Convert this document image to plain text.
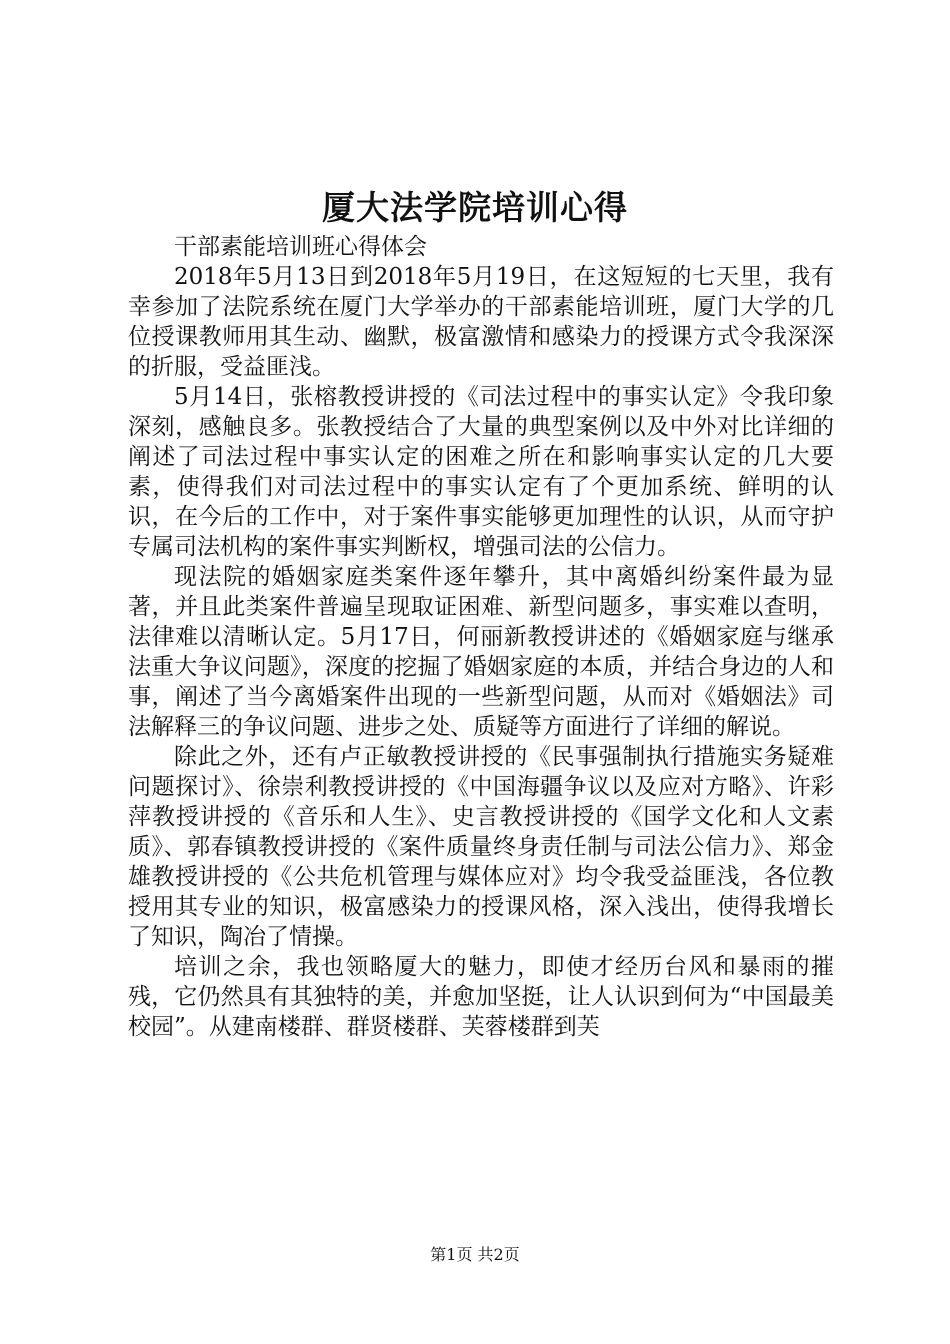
厦大法学院培训心得

干部素能培训班心得体会

2018年5月13日到2018年5月19日，在这短短的七天里，我有幸参加了法院系统在厦门大学举办的干部素能培训班，厦门大学的几位授课教师用其生动、幽默，极富激情和感染力的授课方式令我深深的折服，受益匪浅。

5月14日，张榕教授讲授的《司法过程中的事实认定》令我印象深刻，感触良多。张教授结合了大量的典型案例以及中外对比详细的阐述了司法过程中事实认定的困难之所在和影响事实认定的几大要素，使得我们对司法过程中的事实认定有了个更加系统、鲜明的认识，在今后的工作中，对于案件事实能够更加理性的认识，从而守护专属司法机构的案件事实判断权，增强司法的公信力。

现法院的婚姻家庭类案件逐年攀升，其中离婚纠纷案件最为显著，并且此类案件普遍呈现取证困难、新型问题多，事实难以查明，法律难以清晰认定。5月17日，何丽新教授讲述的《婚姻家庭与继承法重大争议问题》，深度的挖掘了婚姻家庭的本质，并结合身边的人和事，阐述了当今离婚案件出现的一些新型问题，从而对《婚姻法》司法解释三的争议问题、进步之处、质疑等方面进行了详细的解说。

除此之外，还有卢正敏教授讲授的《民事强制执行措施实务疑难问题探讨》、徐崇利教授讲授的《中国海疆争议以及应对方略》、许彩萍教授讲授的《音乐和人生》、史言教授讲授的《国学文化和人文素质》、郭春镇教授讲授的《案件质量终身责任制与司法公信力》、郑金雄教授讲授的《公共危机管理与媒体应对》均令我受益匪浅，各位教授用其专业的知识，极富感染力的授课风格，深入浅出，使得我增长了知识，陶冶了情操。

培训之余，我也领略厦大的魅力，即使才经历台风和暴雨的摧残，它仍然具有其独特的美，并愈加坚挺，让人认识到何为“中国最美校园”。从建南楼群、群贤楼群、芙蓉楼群到芙

第1页 共2页
